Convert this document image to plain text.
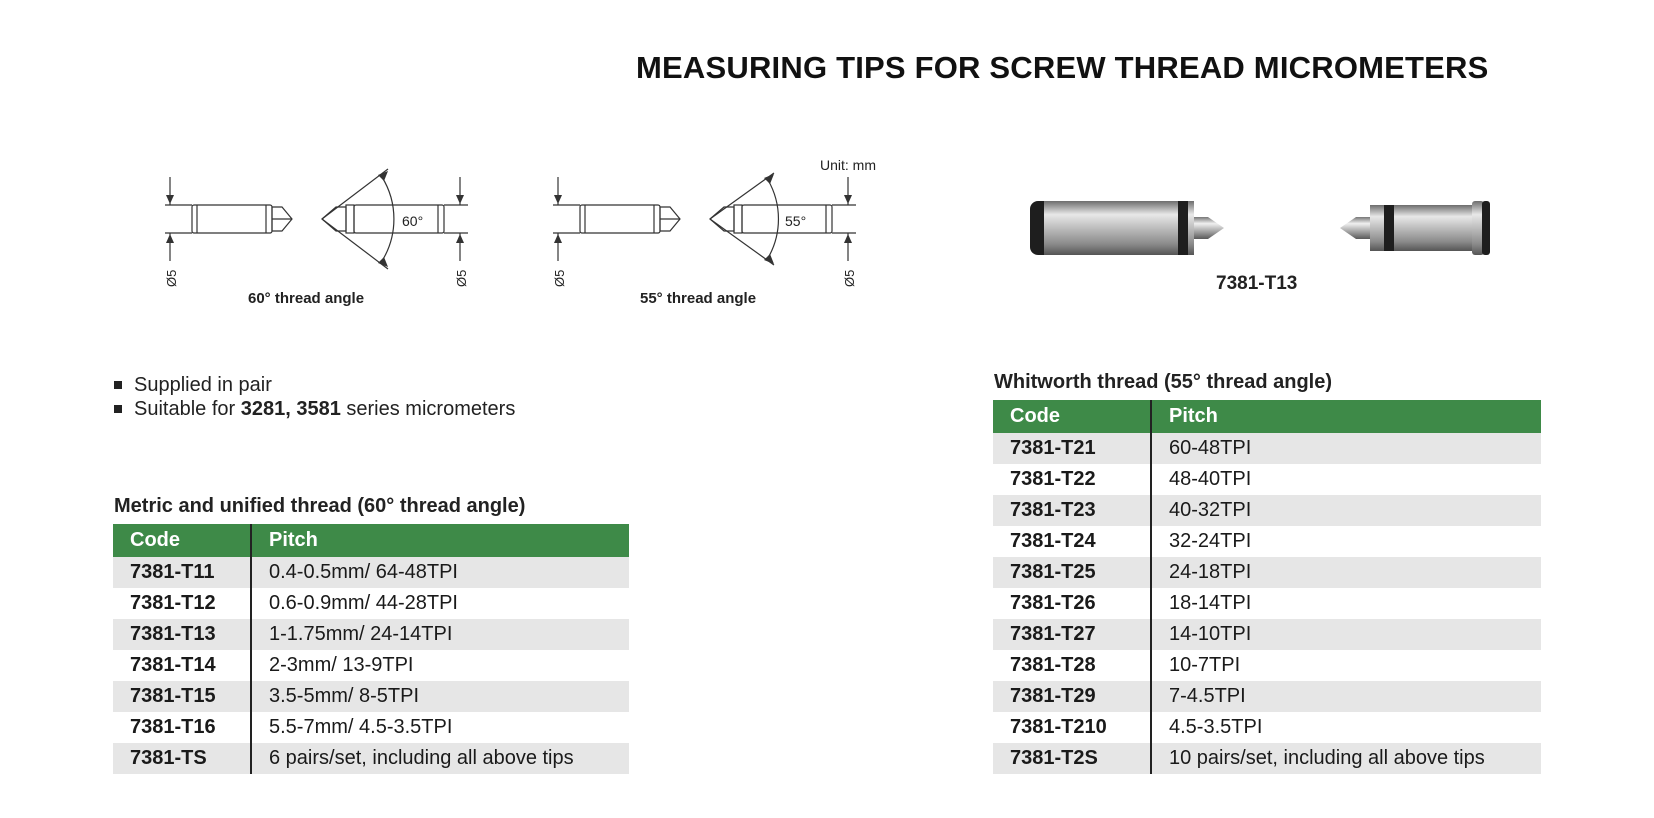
MEASURING TIPS FOR SCREW THREAD MICROMETERS
Unit: mm
60°
Ø5	Ø5
60° thread angle
55°
Ø5	Ø5
55° thread angle
7381-T13
Supplied in pair
Suitable for 3281, 3581 series micrometers
Metric and unified thread (60° thread angle)
Code	Pitch
7381-T11	0.4-0.5mm/ 64-48TPI
7381-T12	0.6-0.9mm/ 44-28TPI
7381-T13	1-1.75mm/ 24-14TPI
7381-T14	2-3mm/ 13-9TPI
7381-T15	3.5-5mm/ 8-5TPI
7381-T16	5.5-7mm/ 4.5-3.5TPI
7381-TS	6 pairs/set, including all above tips
Whitworth thread (55° thread angle)
Code	Pitch
7381-T21	60-48TPI
7381-T22	48-40TPI
7381-T23	40-32TPI
7381-T24	32-24TPI
7381-T25	24-18TPI
7381-T26	18-14TPI
7381-T27	14-10TPI
7381-T28	10-7TPI
7381-T29	7-4.5TPI
7381-T210	4.5-3.5TPI
7381-T2S	10 pairs/set, including all above tips
